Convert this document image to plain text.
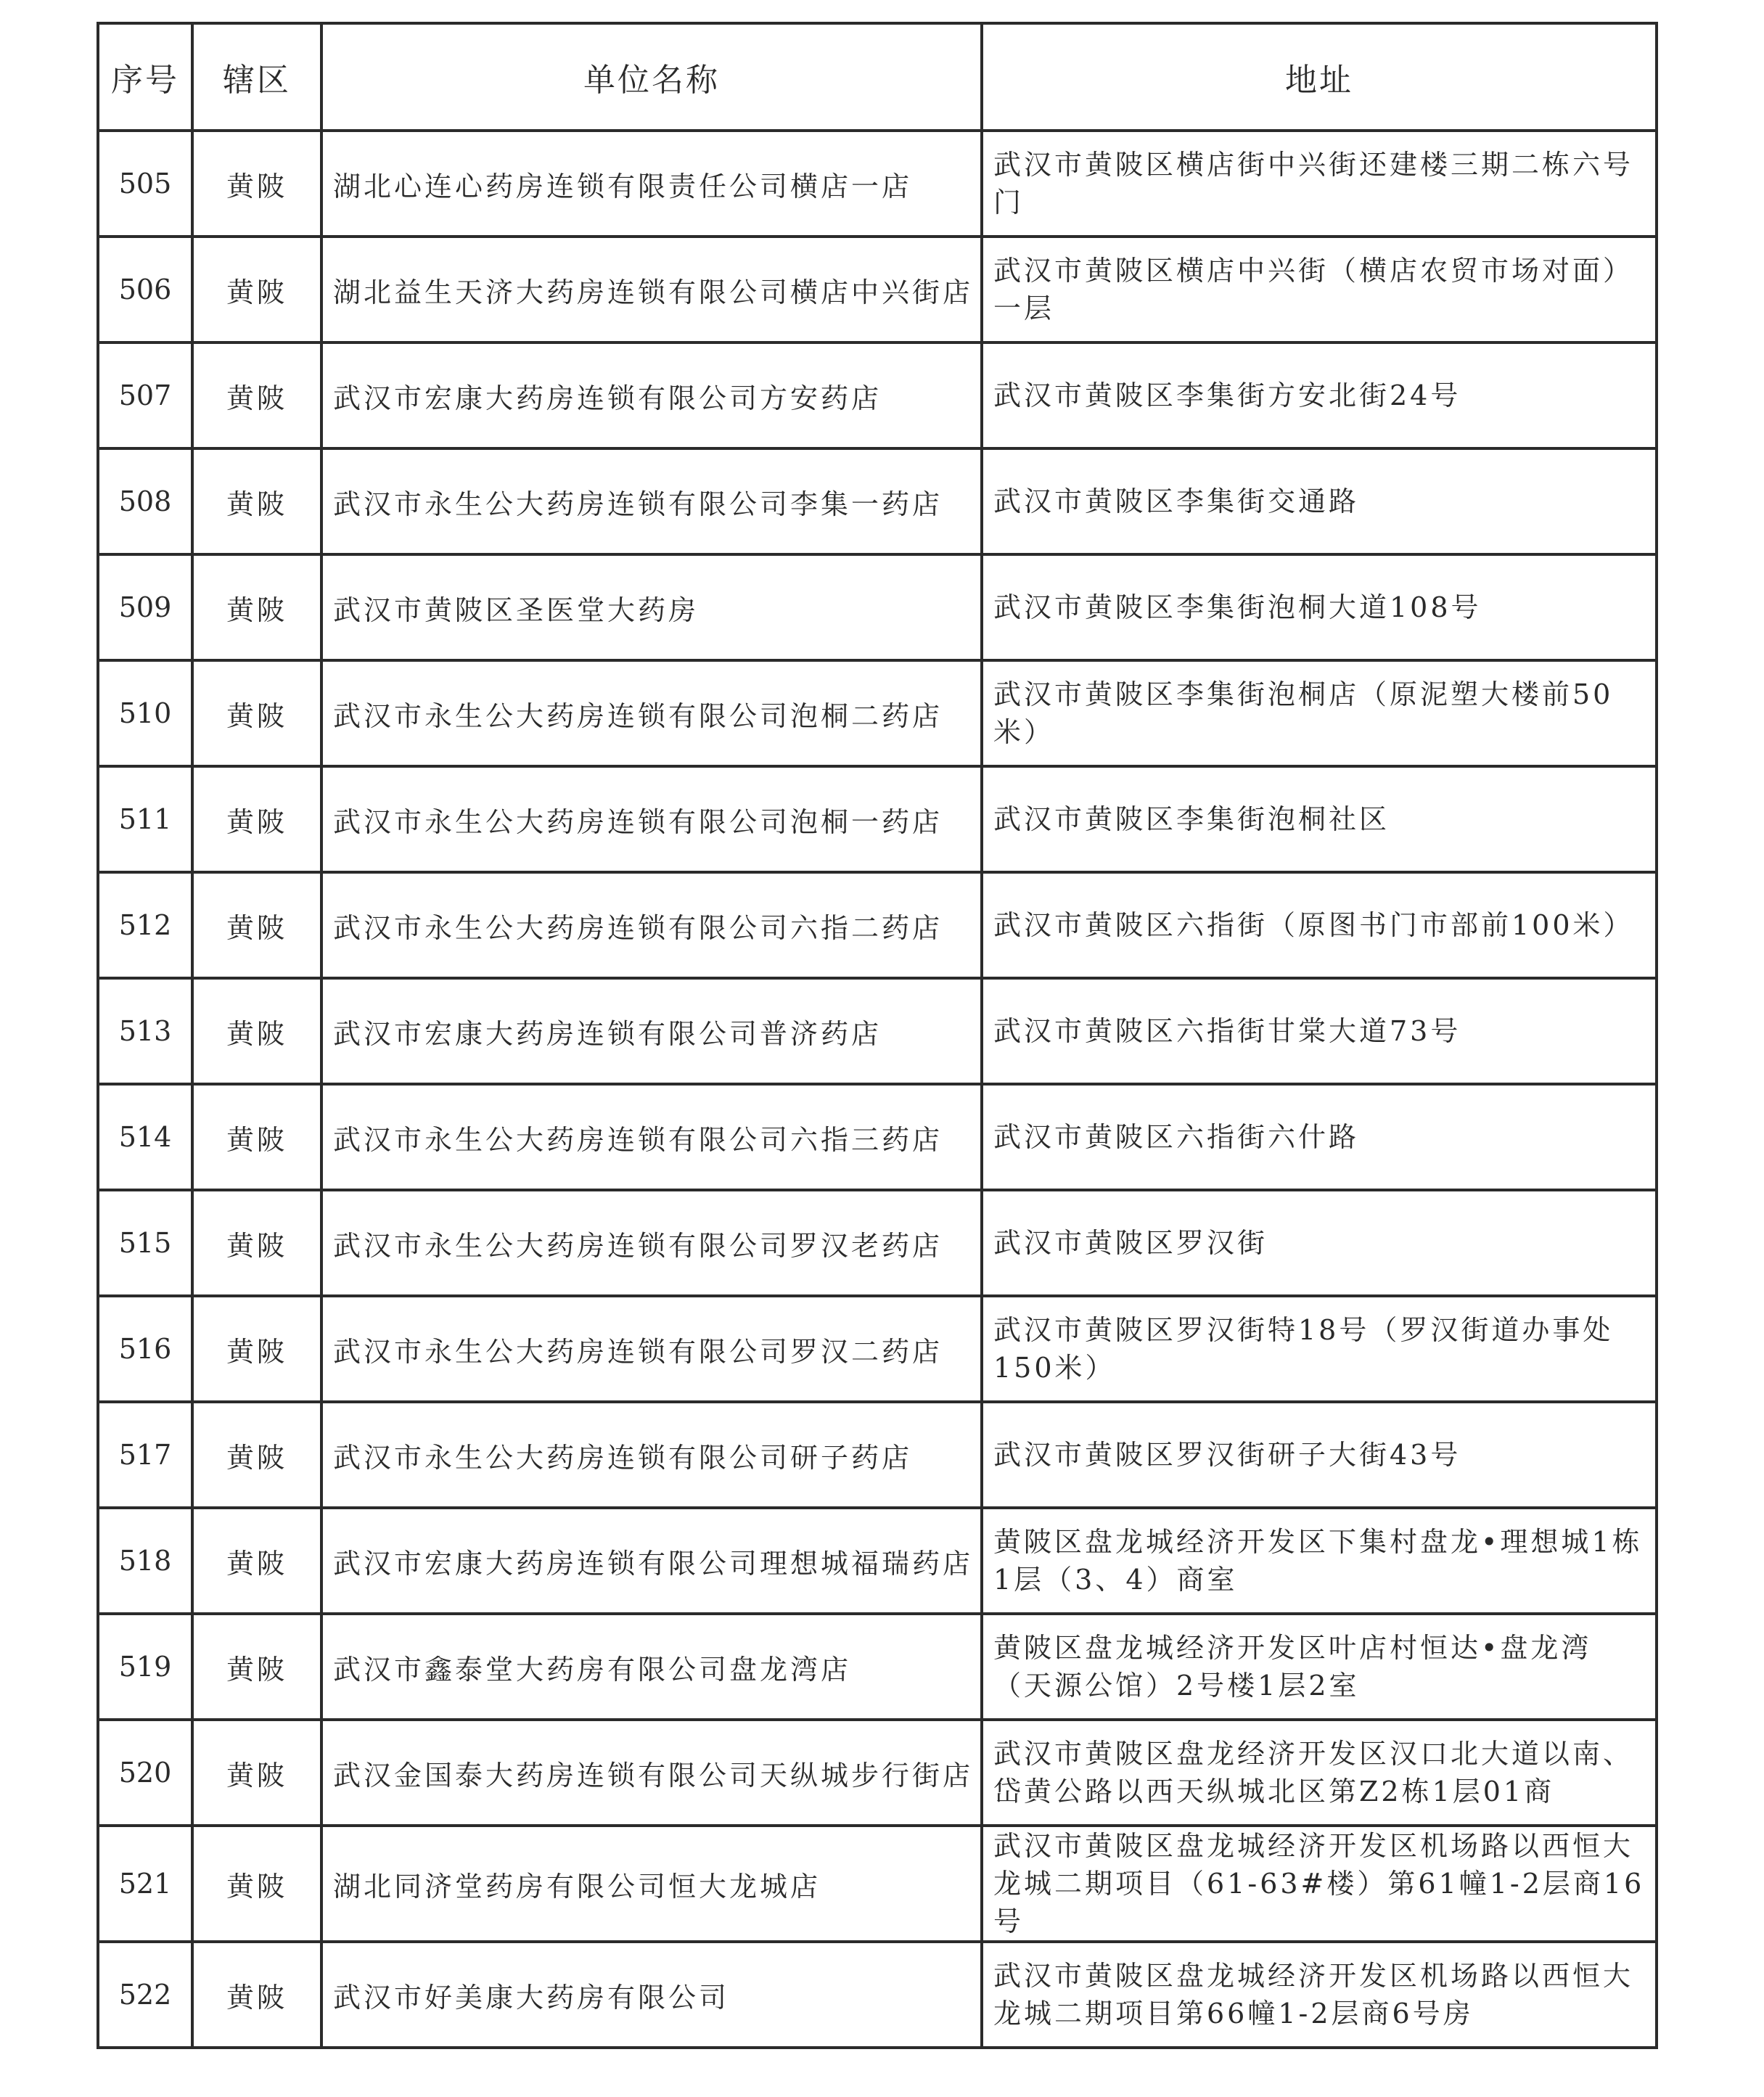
序号	辖区	单位名称	地址
505	黄陂	湖北心连心药房连锁有限责任公司横店一店	武汉市黄陂区横店街中兴街还建楼三期二栋六号门
506	黄陂	湖北益生天济大药房连锁有限公司横店中兴街店	武汉市黄陂区横店中兴街（横店农贸市场对面）一层
507	黄陂	武汉市宏康大药房连锁有限公司方安药店	武汉市黄陂区李集街方安北街24号
508	黄陂	武汉市永生公大药房连锁有限公司李集一药店	武汉市黄陂区李集街交通路
509	黄陂	武汉市黄陂区圣医堂大药房	武汉市黄陂区李集街泡桐大道108号
510	黄陂	武汉市永生公大药房连锁有限公司泡桐二药店	武汉市黄陂区李集街泡桐店（原泥塑大楼前50米）
511	黄陂	武汉市永生公大药房连锁有限公司泡桐一药店	武汉市黄陂区李集街泡桐社区
512	黄陂	武汉市永生公大药房连锁有限公司六指二药店	武汉市黄陂区六指街（原图书门市部前100米）
513	黄陂	武汉市宏康大药房连锁有限公司普济药店	武汉市黄陂区六指街甘棠大道73号
514	黄陂	武汉市永生公大药房连锁有限公司六指三药店	武汉市黄陂区六指街六什路
515	黄陂	武汉市永生公大药房连锁有限公司罗汉老药店	武汉市黄陂区罗汉街
516	黄陂	武汉市永生公大药房连锁有限公司罗汉二药店	武汉市黄陂区罗汉街特18号（罗汉街道办事处150米）
517	黄陂	武汉市永生公大药房连锁有限公司研子药店	武汉市黄陂区罗汉街研子大街43号
518	黄陂	武汉市宏康大药房连锁有限公司理想城福瑞药店	黄陂区盘龙城经济开发区下集村盘龙•理想城1栋1层（3、4）商室
519	黄陂	武汉市鑫泰堂大药房有限公司盘龙湾店	黄陂区盘龙城经济开发区叶店村恒达•盘龙湾（天源公馆）2号楼1层2室
520	黄陂	武汉金国泰大药房连锁有限公司天纵城步行街店	武汉市黄陂区盘龙经济开发区汉口北大道以南、岱黄公路以西天纵城北区第Z2栋1层01商
521	黄陂	湖北同济堂药房有限公司恒大龙城店	武汉市黄陂区盘龙城经济开发区机场路以西恒大龙城二期项目（61-63#楼）第61幢1-2层商16号
522	黄陂	武汉市好美康大药房有限公司	武汉市黄陂区盘龙城经济开发区机场路以西恒大龙城二期项目第66幢1-2层商6号房
